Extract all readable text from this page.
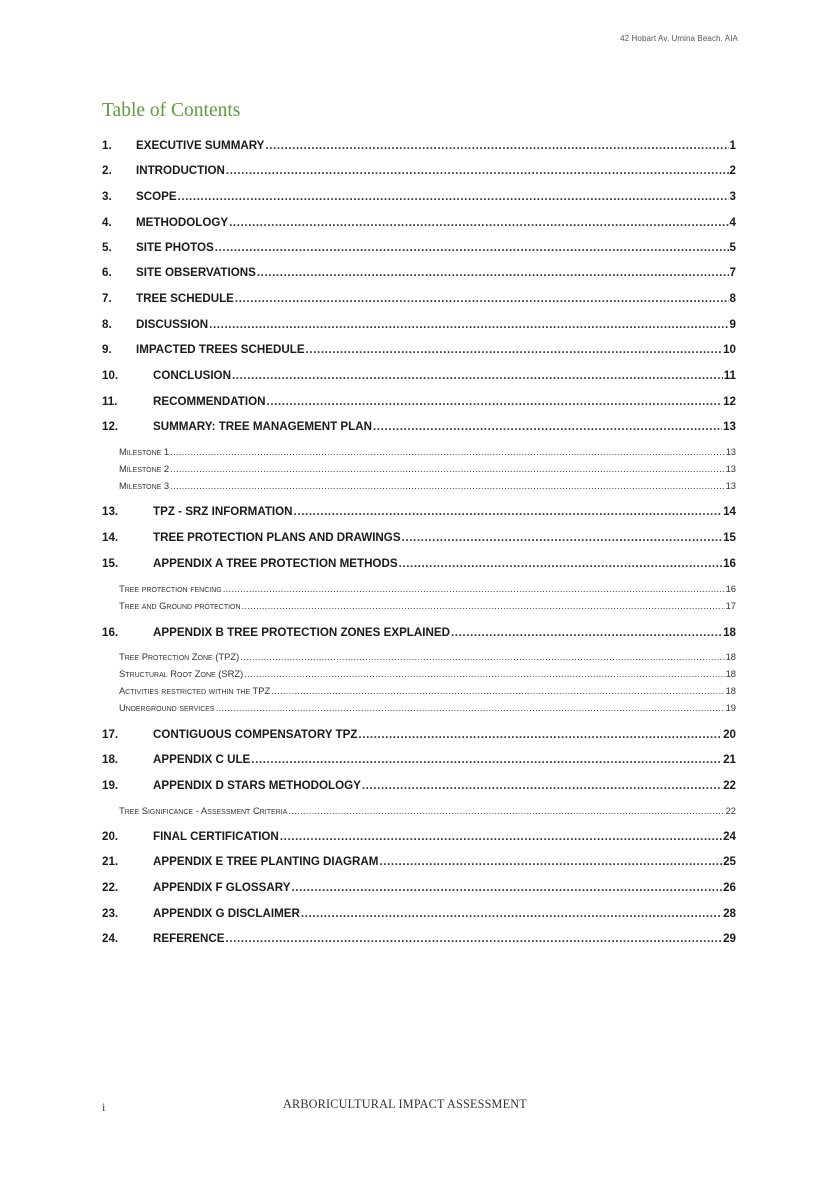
42 Hobart Av, Umina Beach. AIA
Table of Contents
1.	EXECUTIVE SUMMARY .....	1
2.	INTRODUCTION .....	2
3.	SCOPE .....	3
4.	METHODOLOGY .....	4
5.	SITE PHOTOS .....	5
6.	SITE OBSERVATIONS .....	7
7.	TREE SCHEDULE .....	8
8.	DISCUSSION .....	9
9.	IMPACTED TREES SCHEDULE .....	10
10.	CONCLUSION .....	11
11.	RECOMMENDATION .....	12
12.	SUMMARY: TREE MANAGEMENT PLAN .....	13
Milestone 1 .....	13
Milestone 2 .....	13
Milestone 3 .....	13
13.	TPZ - SRZ INFORMATION .....	14
14.	TREE PROTECTION PLANS AND DRAWINGS .....	15
15.	APPENDIX A TREE PROTECTION METHODS .....	16
Tree protection fencing .....	16
Tree and Ground protection .....	17
16.	APPENDIX B TREE PROTECTION ZONES EXPLAINED .....	18
Tree Protection Zone (TPZ) .....	18
Structural Root Zone (SRZ) .....	18
Activities restricted within the TPZ .....	18
Underground services .....	19
17.	CONTIGUOUS COMPENSATORY TPZ .....	20
18.	APPENDIX C ULE .....	21
19.	APPENDIX D STARS METHODOLOGY .....	22
Tree Significance - Assessment Criteria .....	22
20.	FINAL CERTIFICATION .....	24
21.	APPENDIX E TREE PLANTING DIAGRAM .....	25
22.	APPENDIX F GLOSSARY .....	26
23.	APPENDIX G DISCLAIMER .....	28
24.	REFERENCE .....	29
i	ARBORICULTURAL IMPACT ASSESSMENT
